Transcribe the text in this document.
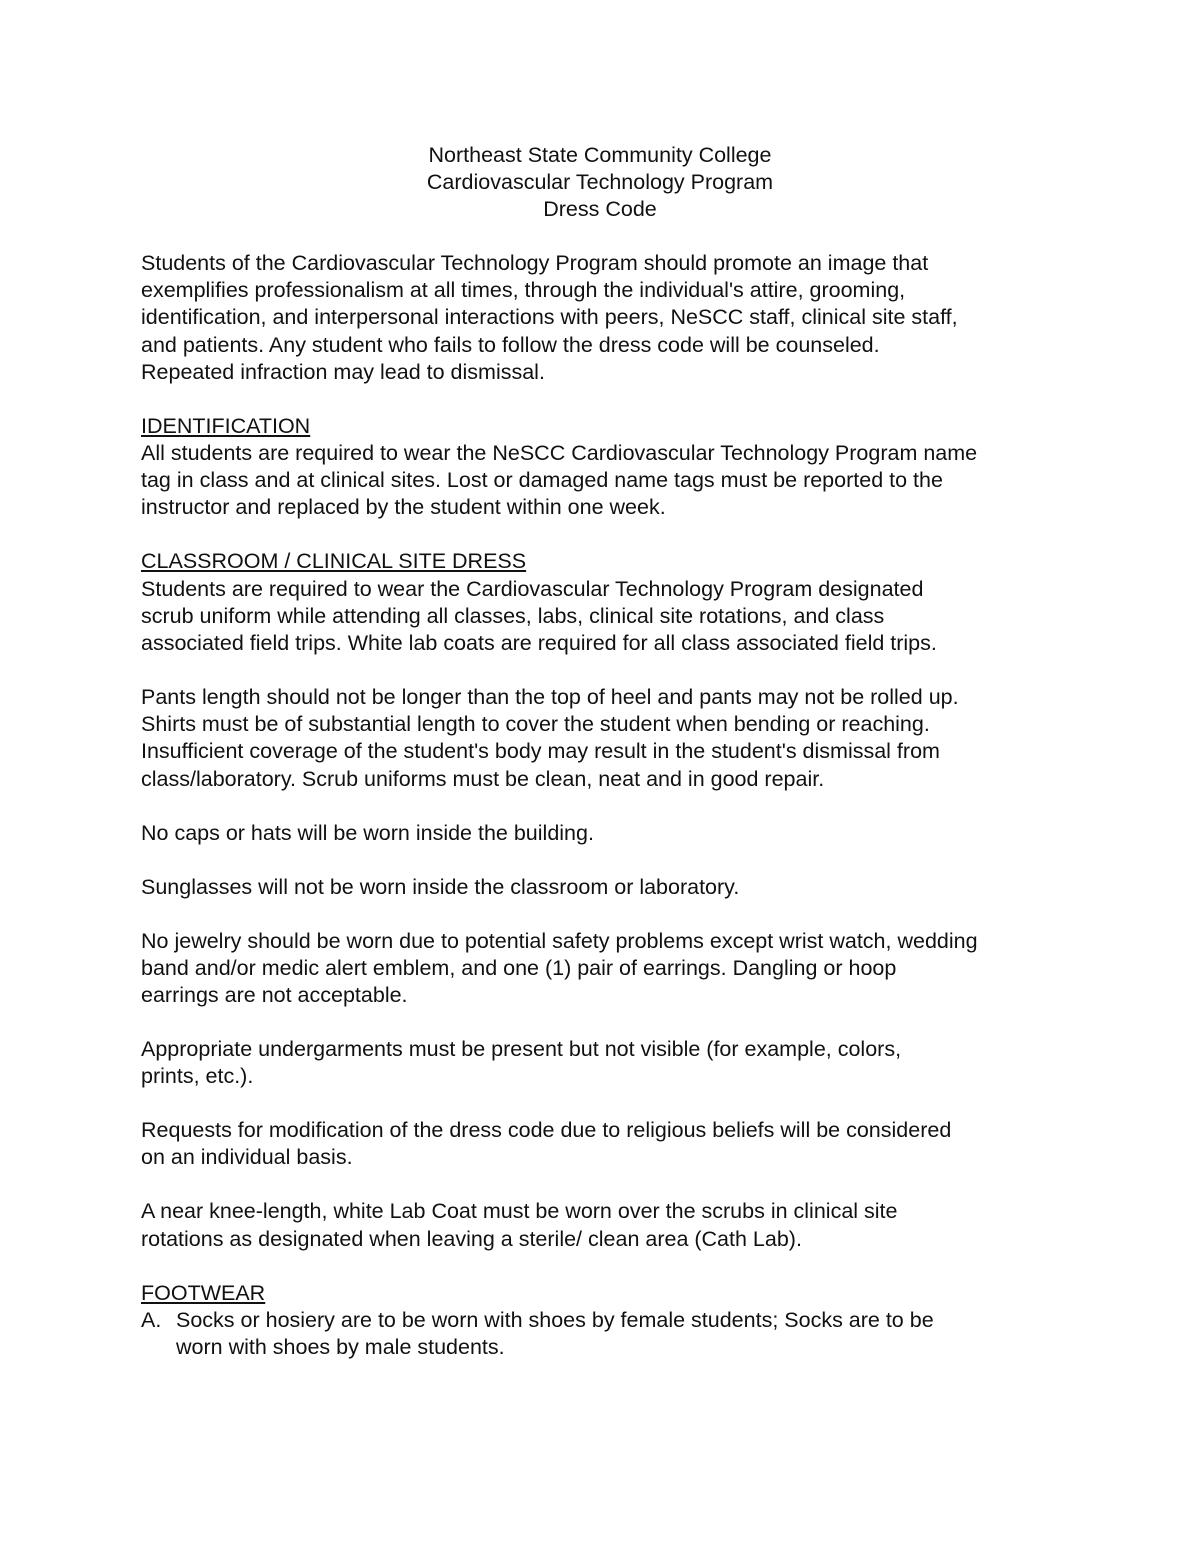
Northeast State Community College
Cardiovascular Technology Program
Dress Code

Students of the Cardiovascular Technology Program should promote an image that
exemplifies professionalism at all times, through the individual's attire, grooming,
identification, and interpersonal interactions with peers, NeSCC staff, clinical site staff,
and patients. Any student who fails to follow the dress code will be counseled.
Repeated infraction may lead to dismissal.

IDENTIFICATION
All students are required to wear the NeSCC Cardiovascular Technology Program name
tag in class and at clinical sites. Lost or damaged name tags must be reported to the
instructor and replaced by the student within one week.

CLASSROOM / CLINICAL SITE DRESS
Students are required to wear the Cardiovascular Technology Program designated
scrub uniform while attending all classes, labs, clinical site rotations, and class
associated field trips. White lab coats are required for all class associated field trips.

Pants length should not be longer than the top of heel and pants may not be rolled up.
Shirts must be of substantial length to cover the student when bending or reaching.
Insufficient coverage of the student's body may result in the student's dismissal from
class/laboratory. Scrub uniforms must be clean, neat and in good repair.

No caps or hats will be worn inside the building.

Sunglasses will not be worn inside the classroom or laboratory.

No jewelry should be worn due to potential safety problems except wrist watch, wedding
band and/or medic alert emblem, and one (1) pair of earrings. Dangling or hoop
earrings are not acceptable.

Appropriate undergarments must be present but not visible (for example, colors,
prints, etc.).

Requests for modification of the dress code due to religious beliefs will be considered
on an individual basis.

A near knee-length, white Lab Coat must be worn over the scrubs in clinical site
rotations as designated when leaving a sterile/ clean area (Cath Lab).

FOOTWEAR
A. Socks or hosiery are to be worn with shoes by female students; Socks are to be
worn with shoes by male students.
